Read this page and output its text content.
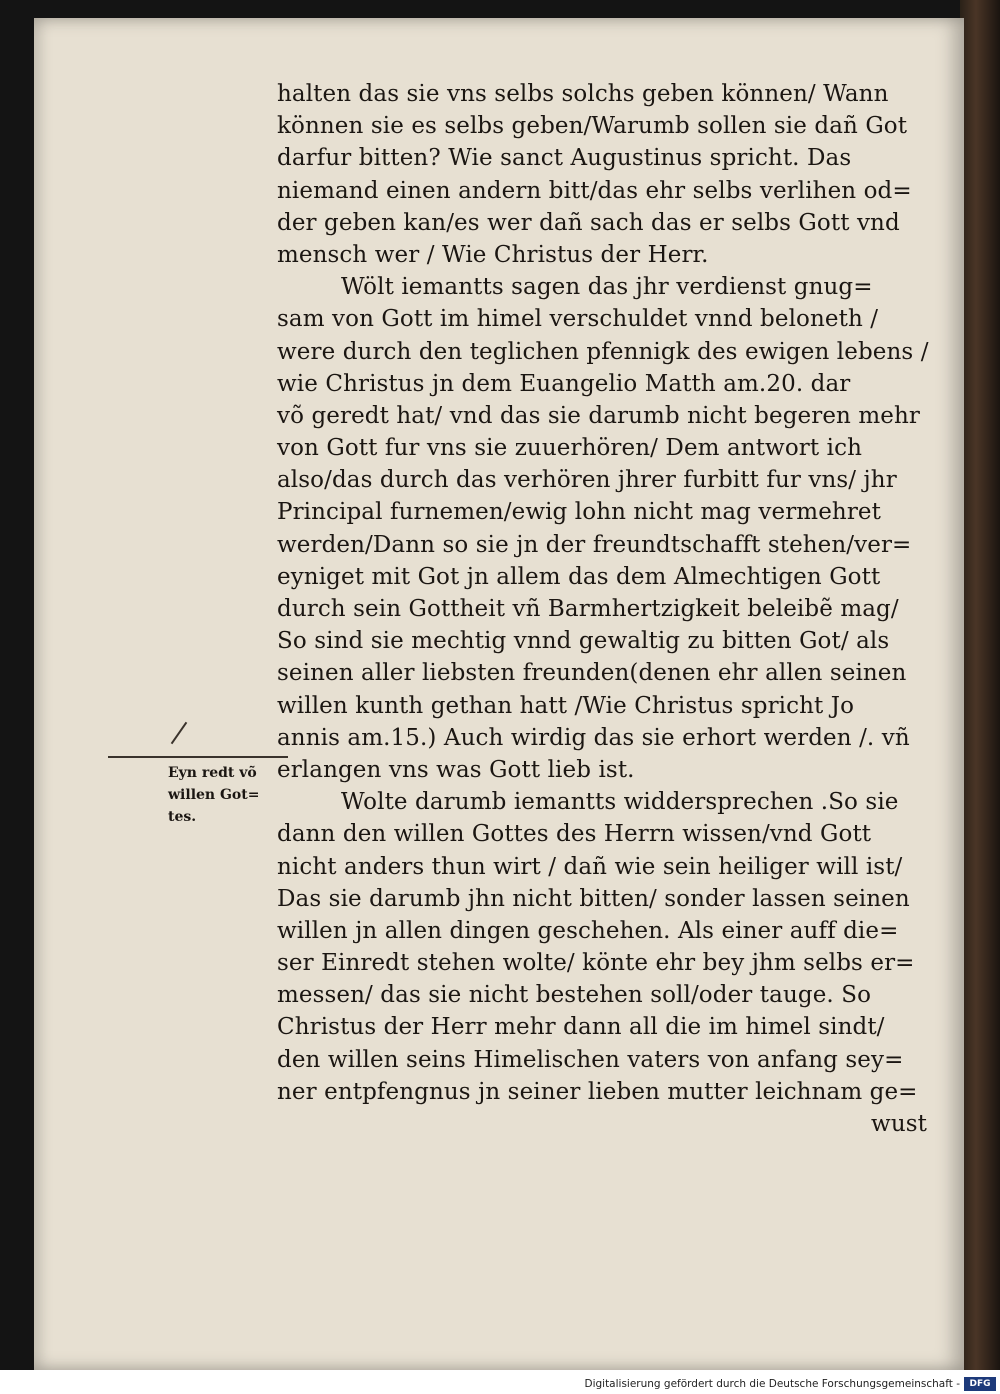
Eyn redt võ
willen Got=
tes.
halten das sie vns selbs solchs geben können/ Wann
können sie es selbs geben/Warumb sollen sie dañ Got
darfur bitten? Wie sanct Augustinus spricht. Das
niemand einen andern bitt/das ehr selbs verlihen od=
der geben kan/es wer dañ sach das er selbs Gott vnd
mensch wer / Wie Christus der Herr.
Wölt iemantts sagen das jhr verdienst gnug=
sam von Gott im himel verschuldet vnnd beloneth /
were durch den teglichen pfennigk des ewigen lebens /
wie Christus jn dem Euangelio Matth am.20. dar
võ geredt hat/ vnd das sie darumb nicht begeren mehr
von Gott fur vns sie zuuerhören/ Dem antwort ich
also/das durch das verhören jhrer furbitt fur vns/ jhr
Principal furnemen/ewig lohn nicht mag vermehret
werden/Dann so sie jn der freundtschafft stehen/ver=
eyniget mit Got jn allem das dem Almechtigen Gott
durch sein Gottheit vñ Barmhertzigkeit beleibẽ mag/
So sind sie mechtig vnnd gewaltig zu bitten Got/ als
seinen aller liebsten freunden(denen ehr allen seinen
willen kunth gethan hatt /Wie Christus spricht Jo
annis am.15.) Auch wirdig das sie erhort werden /. vñ
erlangen vns was Gott lieb ist.
Wolte darumb iemantts widdersprechen .So sie
dann den willen Gottes des Herrn wissen/vnd Gott
nicht anders thun wirt / dañ wie sein heiliger will ist/
Das sie darumb jhn nicht bitten/ sonder lassen seinen
willen jn allen dingen geschehen. Als einer auff die=
ser Einredt stehen wolte/ könte ehr bey jhm selbs er=
messen/ das sie nicht bestehen soll/oder tauge. So
Christus der Herr mehr dann all die im himel sindt/
den willen seins Himelischen vaters von anfang sey=
ner entpfengnus jn seiner lieben mutter leichnam ge=
wust
Digitalisierung gefördert durch die Deutsche Forschungsgemeinschaft -	DFG
